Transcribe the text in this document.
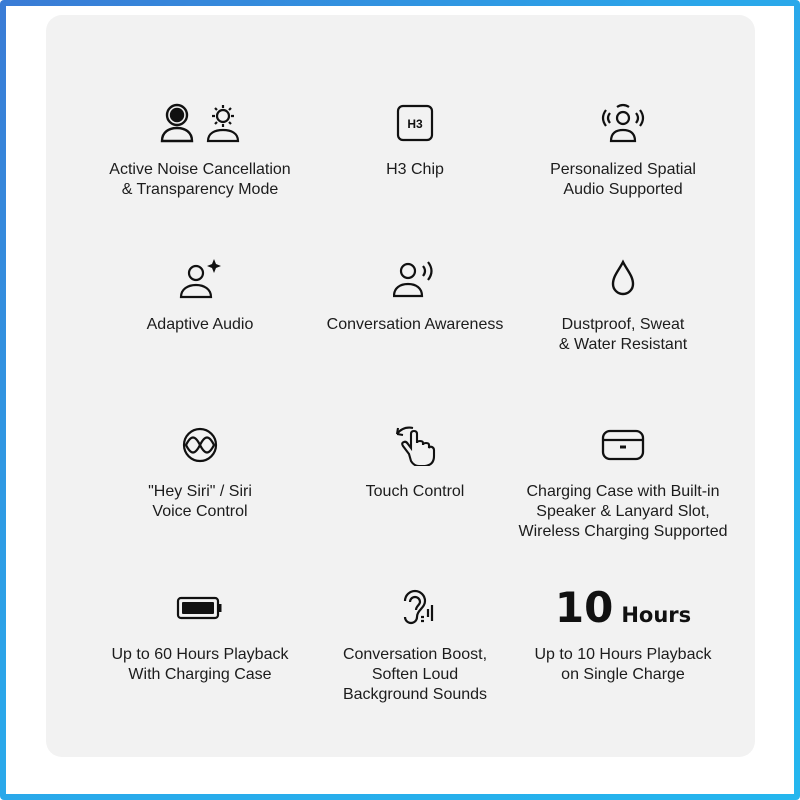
Active Noise Cancellation
& Transparency Mode
H3
H3 Chip	Personalized Spatial
Audio Supported
Adaptive Audio	Conversation Awareness	Dustproof, Sweat
& Water Resistant
"Hey Siri" / Siri
Voice Control
Touch Control	Charging Case with Built-in
Speaker & Lanyard Slot,
Wireless Charging Supported
Up to 60 Hours Playback
With Charging Case
Conversation Boost,
Soften Loud
Background Sounds
10 Hours
Up to 10 Hours Playback
on Single Charge
